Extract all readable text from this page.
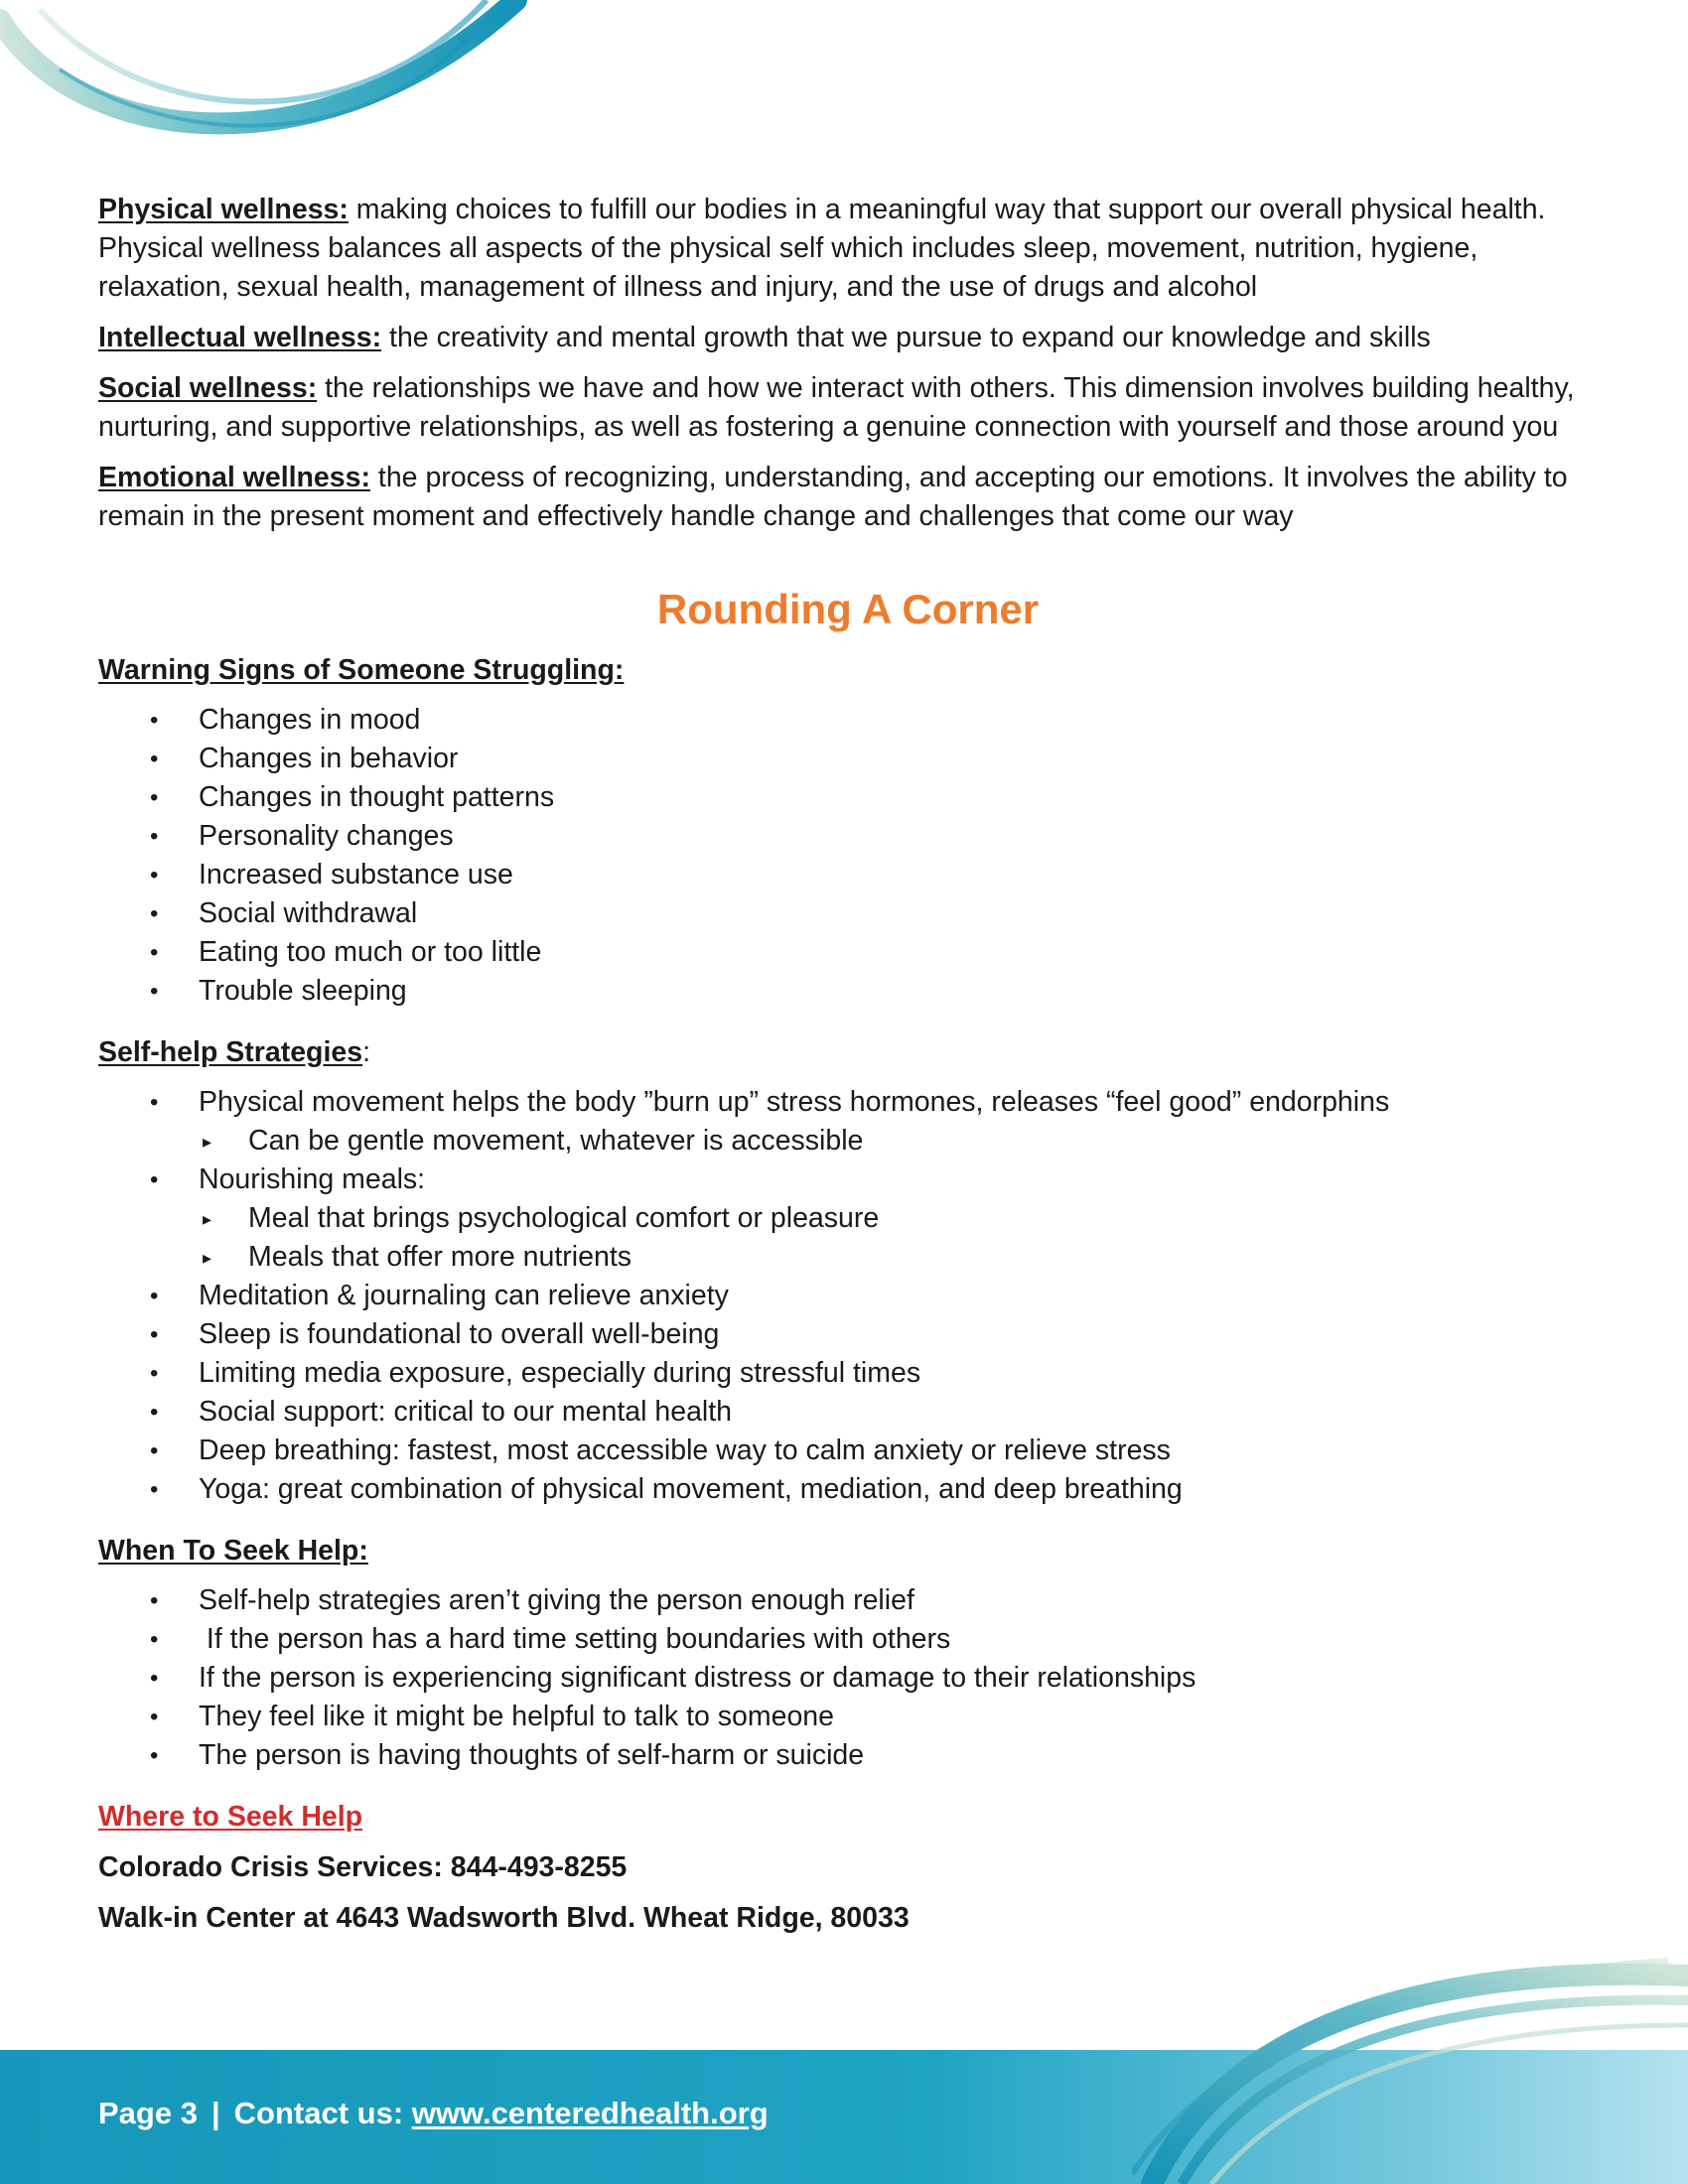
Physical wellness: making choices to fulfill our bodies in a meaningful way that support our overall physical health. Physical wellness balances all aspects of the physical self which includes sleep, movement, nutrition, hygiene, relaxation, sexual health, management of illness and injury, and the use of drugs and alcohol

Intellectual wellness: the creativity and mental growth that we pursue to expand our knowledge and skills

Social wellness: the relationships we have and how we interact with others. This dimension involves building healthy, nurturing, and supportive relationships, as well as fostering a genuine connection with yourself and those around you

Emotional wellness: the process of recognizing, understanding, and accepting our emotions. It involves the ability to remain in the present moment and effectively handle change and challenges that come our way

Rounding A Corner

Warning Signs of Someone Struggling:

• Changes in mood
• Changes in behavior
• Changes in thought patterns
• Personality changes
• Increased substance use
• Social withdrawal
• Eating too much or too little
• Trouble sleeping

Self-help Strategies:

• Physical movement helps the body ”burn up” stress hormones, releases “feel good” endorphins
▸ Can be gentle movement, whatever is accessible
• Nourishing meals:
▸ Meal that brings psychological comfort or pleasure
▸ Meals that offer more nutrients
• Meditation & journaling can relieve anxiety
• Sleep is foundational to overall well-being
• Limiting media exposure, especially during stressful times
• Social support: critical to our mental health
• Deep breathing: fastest, most accessible way to calm anxiety or relieve stress
• Yoga: great combination of physical movement, mediation, and deep breathing

When To Seek Help:

• Self-help strategies aren’t giving the person enough relief
• If the person has a hard time setting boundaries with others
• If the person is experiencing significant distress or damage to their relationships
• They feel like it might be helpful to talk to someone
• The person is having thoughts of self-harm or suicide

Where to Seek Help

Colorado Crisis Services: 844-493-8255

Walk-in Center at 4643 Wadsworth Blvd. Wheat Ridge, 80033

Page 3 | Contact us: www.centeredhealth.org
